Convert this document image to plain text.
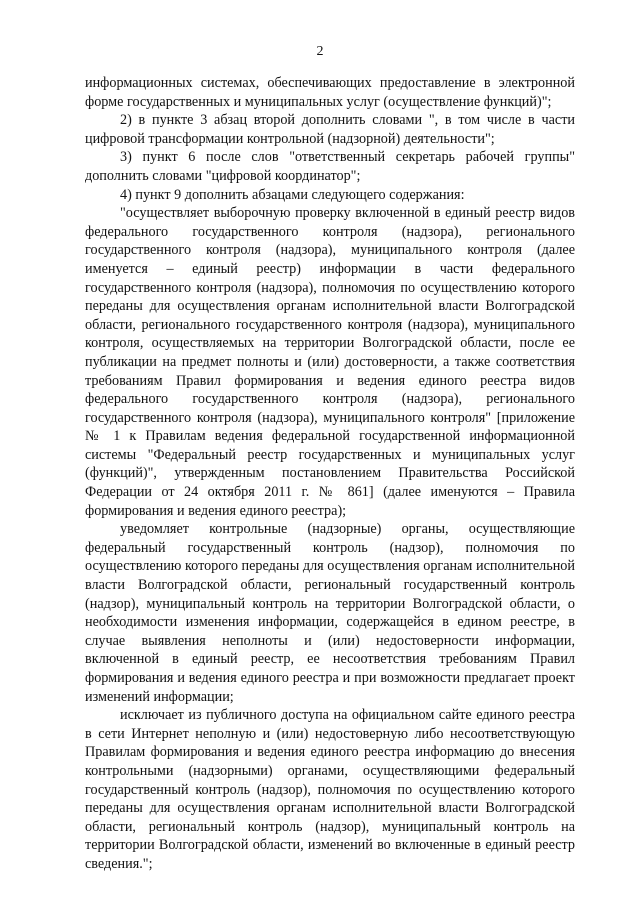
2

информационных системах, обеспечивающих предоставление в электронной форме государственных и муниципальных услуг (осуществление функций)";

2) в пункте 3 абзац второй дополнить словами ", в том числе в части цифровой трансформации контрольной (надзорной) деятельности";

3) пункт 6 после слов "ответственный секретарь рабочей группы" дополнить словами "цифровой координатор";

4) пункт 9 дополнить абзацами следующего содержания:

"осуществляет выборочную проверку включенной в единый реестр видов федерального государственного контроля (надзора), регионального государственного контроля (надзора), муниципального контроля (далее именуется – единый реестр) информации в части федерального государственного контроля (надзора), полномочия по осуществлению которого переданы для осуществления органам исполнительной власти Волгоградской области, регионального государственного контроля (надзора), муниципального контроля, осуществляемых на территории Волгоградской области, после ее публикации на предмет полноты и (или) достоверности, а также соответствия требованиям Правил формирования и ведения единого реестра видов федерального государственного контроля (надзора), регионального государственного контроля (надзора), муниципального контроля" [приложение № 1 к Правилам ведения федеральной государственной информационной системы "Федеральный реестр государственных и муниципальных услуг (функций)", утвержденным постановлением Правительства Российской Федерации от 24 октября 2011 г. № 861] (далее именуются – Правила формирования и ведения единого реестра);

уведомляет контрольные (надзорные) органы, осуществляющие федеральный государственный контроль (надзор), полномочия по осуществлению которого переданы для осуществления органам исполнительной власти Волгоградской области, региональный государственный контроль (надзор), муниципальный контроль на территории Волгоградской области, о необходимости изменения информации, содержащейся в едином реестре, в случае выявления неполноты и (или) недостоверности информации, включенной в единый реестр, ее несоответствия требованиям Правил формирования и ведения единого реестра и при возможности предлагает проект изменений информации;

исключает из публичного доступа на официальном сайте единого реестра в сети Интернет неполную и (или) недостоверную либо несоответствующую Правилам формирования и ведения единого реестра информацию до внесения контрольными (надзорными) органами, осуществляющими федеральный государственный контроль (надзор), полномочия по осуществлению которого переданы для осуществления органам исполнительной власти Волгоградской области, региональный контроль (надзор), муниципальный контроль на территории Волгоградской области, изменений во включенные в единый реестр сведения.";
